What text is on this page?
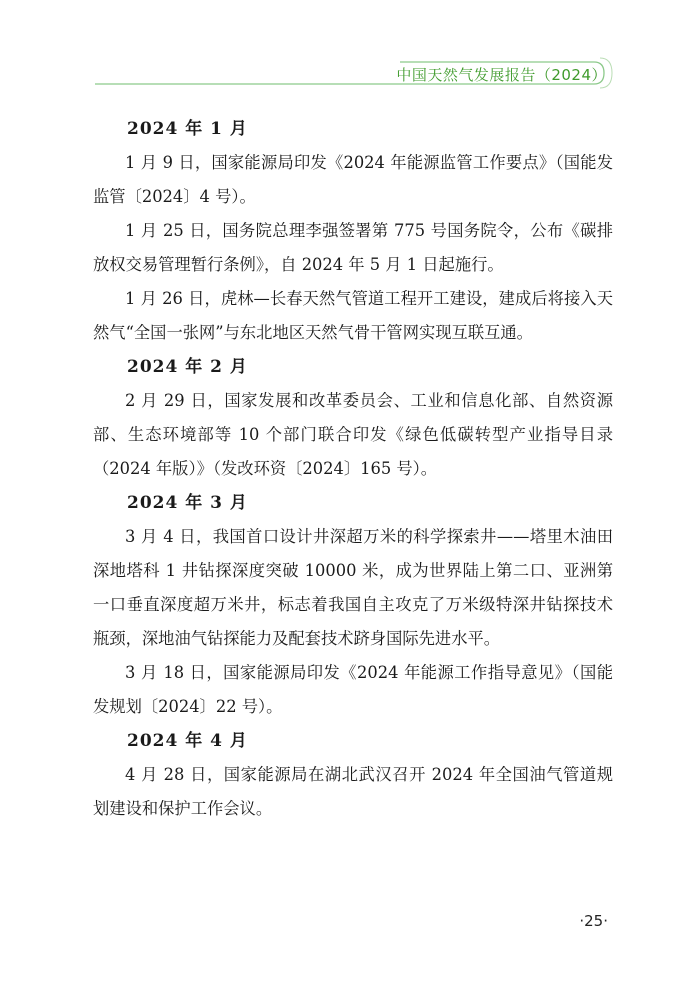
中国天然气发展报告（2024）
2024 年 1 月

1 月 9 日，国家能源局印发《2024 年能源监管工作要点》（国能发监管〔2024〕4 号）。

1 月 25 日，国务院总理李强签署第 775 号国务院令，公布《碳排放权交易管理暂行条例》，自 2024 年 5 月 1 日起施行。

1 月 26 日，虎林—长春天然气管道工程开工建设，建成后将接入天然气“全国一张网”与东北地区天然气骨干管网实现互联互通。

2024 年 2 月

2 月 29 日，国家发展和改革委员会、工业和信息化部、自然资源部、生态环境部等 10 个部门联合印发《绿色低碳转型产业指导目录（2024 年版）》（发改环资〔2024〕165 号）。

2024 年 3 月

3 月 4 日，我国首口设计井深超万米的科学探索井——塔里木油田深地塔科 1 井钻探深度突破 10000 米，成为世界陆上第二口、亚洲第一口垂直深度超万米井，标志着我国自主攻克了万米级特深井钻探技术瓶颈，深地油气钻探能力及配套技术跻身国际先进水平。

3 月 18 日，国家能源局印发《2024 年能源工作指导意见》（国能发规划〔2024〕22 号）。

2024 年 4 月

4 月 28 日，国家能源局在湖北武汉召开 2024 年全国油气管道规划建设和保护工作会议。

·25·
